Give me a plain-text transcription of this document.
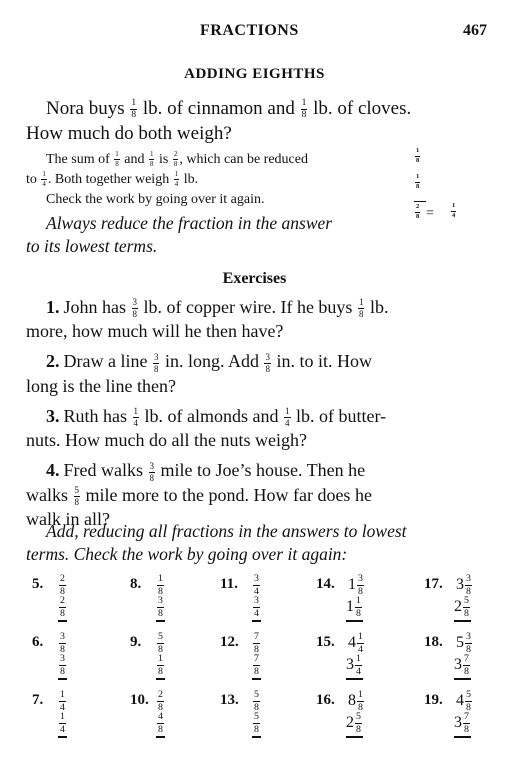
FRACTIONS	467
ADDING EIGHTHS
Nora buys $\frac{1}{8}$ lb. of cinnamon and $\frac{1}{8}$ lb. of cloves.
How much do both weigh?
The sum of $\frac{1}{8}$ and $\frac{1}{8}$ is $\frac{2}{8}$ , which can be reduced
to $\frac{1}{4}$ . Both together weigh $\frac{1}{4}$ lb.
Check the work by going over it again.
Always reduce the fraction in the answer
to its lowest terms.
$\frac{1}{8}$
$\frac{1}{8}$
$\frac{2}{8}$ =	$\frac{1}{4}$
Exercises

1. John has $\frac{3}{8}$ lb. of copper wire. If he buys $\frac{1}{8}$ lb.
more, how much will he then have?

2. Draw a line $\frac{3}{8}$ in. long. Add $\frac{3}{8}$ in. to it. How
long is the line then?

3. Ruth has $\frac{1}{4}$ lb. of almonds and $\frac{1}{4}$ lb. of butter-
nuts. How much do all the nuts weigh?

4. Fred walks $\frac{3}{8}$ mile to Joe’s house. Then he
walks $\frac{5}{8}$ mile more to the pond. How far does he
walk in all?

Add, reducing all fractions in the answers to lowest
terms. Check the work by going over it again:
5. $\frac{2}{8}$
$\frac{2}{8}$
8. $\frac{1}{8}$
$\frac{3}{8}$
11. $\frac{3}{4}$
$\frac{3}{4}$
14. $1 \frac{3}{8}$
$1 \frac{1}{8}$
17. $3 \frac{3}{8}$
$2 \frac{5}{8}$
6. $\frac{3}{8}$
$\frac{3}{8}$
9. $\frac{5}{8}$
$\frac{1}{8}$
12. $\frac{7}{8}$
$\frac{7}{8}$
15. $4 \frac{1}{4}$
$3 \frac{1}{4}$
18. $5 \frac{3}{8}$
$3 \frac{7}{8}$
7. $\frac{1}{4}$
$\frac{1}{4}$
10. $\frac{2}{8}$
$\frac{4}{8}$
13. $\frac{5}{8}$
$\frac{5}{8}$
16. $8 \frac{1}{8}$
$2 \frac{5}{8}$
19. $4 \frac{5}{8}$
$3 \frac{7}{8}$
